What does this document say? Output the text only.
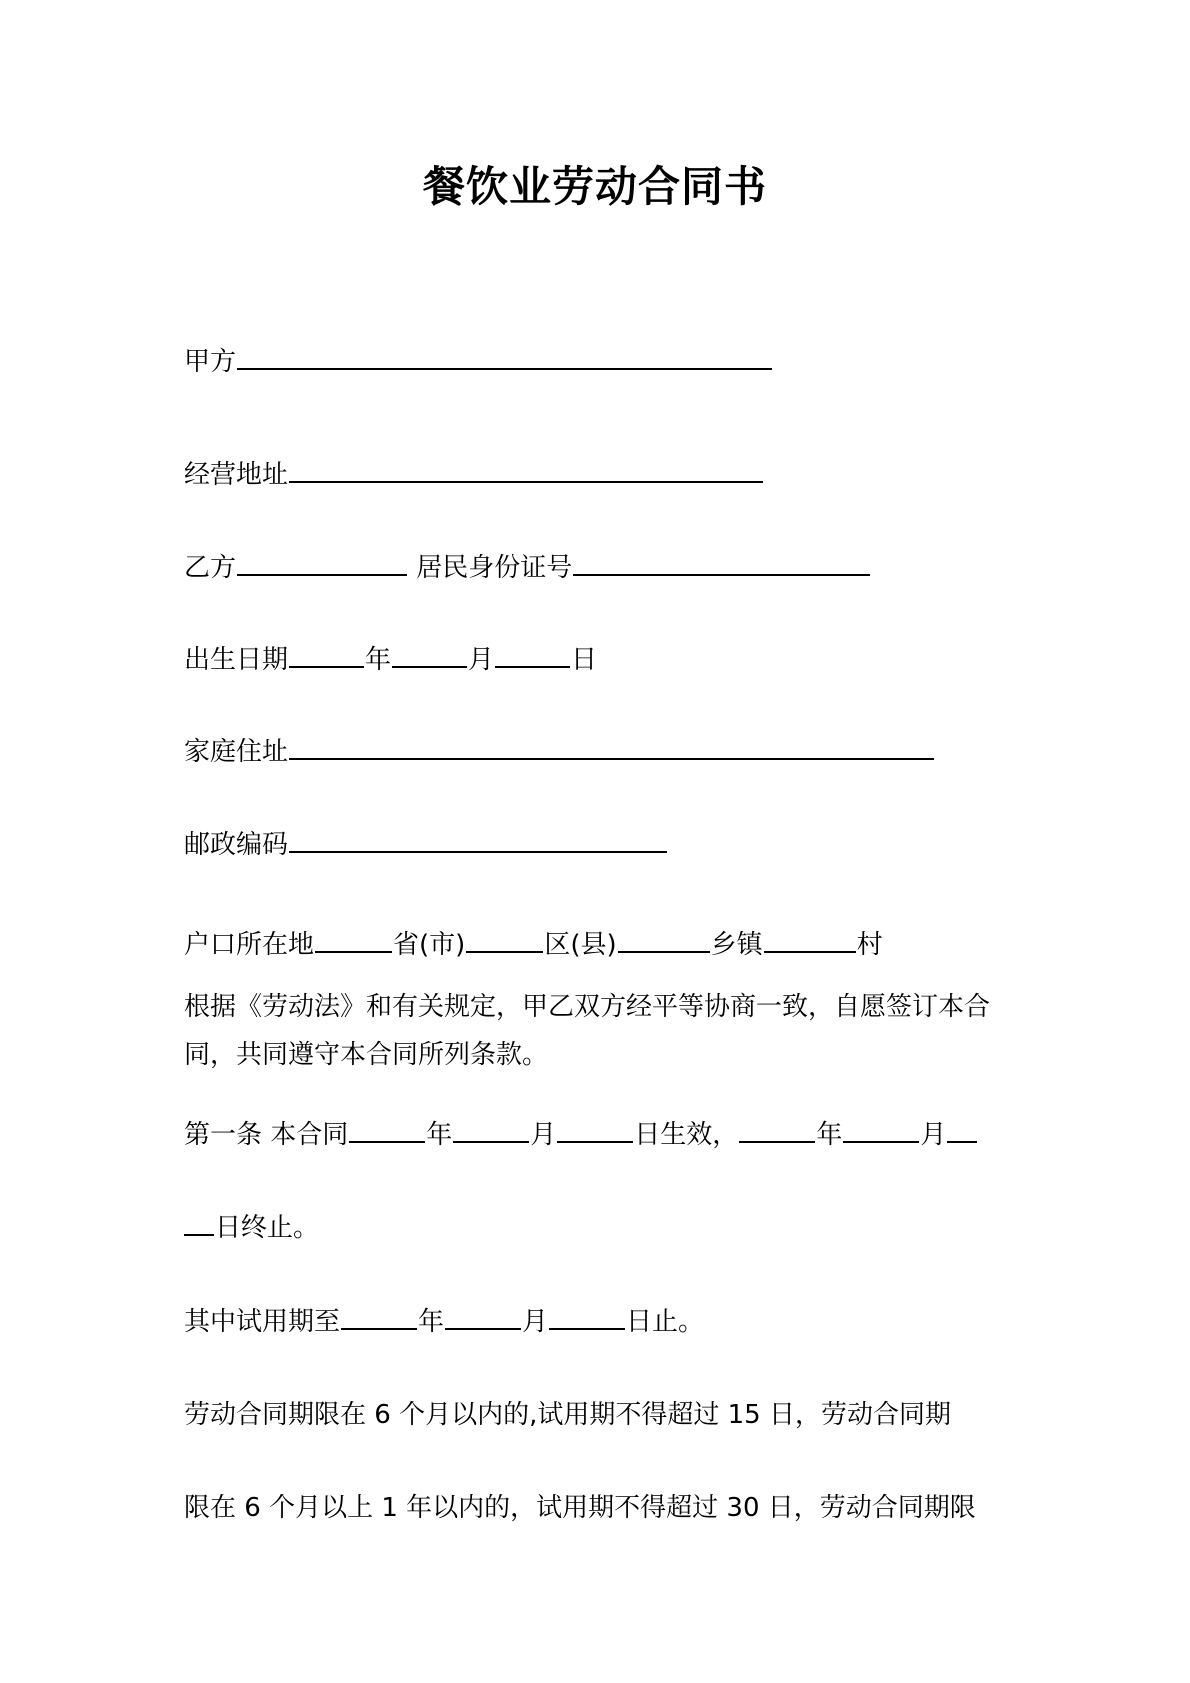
餐饮业劳动合同书
甲方
经营地址
乙方	居民身份证号
出生日期	年	月	日
家庭住址
邮政编码
户口所在地	省(市)	区(县)	乡镇	村
根据《劳动法》和有关规定，甲乙双方经平等协商一致，自愿签订本合同，共同遵守本合同所列条款。
第一条 本合同	年	月	日生效，	年	月
日终止。
其中试用期至	年	月	日止。
劳动合同期限在 6 个月以内的,试用期不得超过 15 日，劳动合同期
限在 6 个月以上 1 年以内的，试用期不得超过 30 日，劳动合同期限
